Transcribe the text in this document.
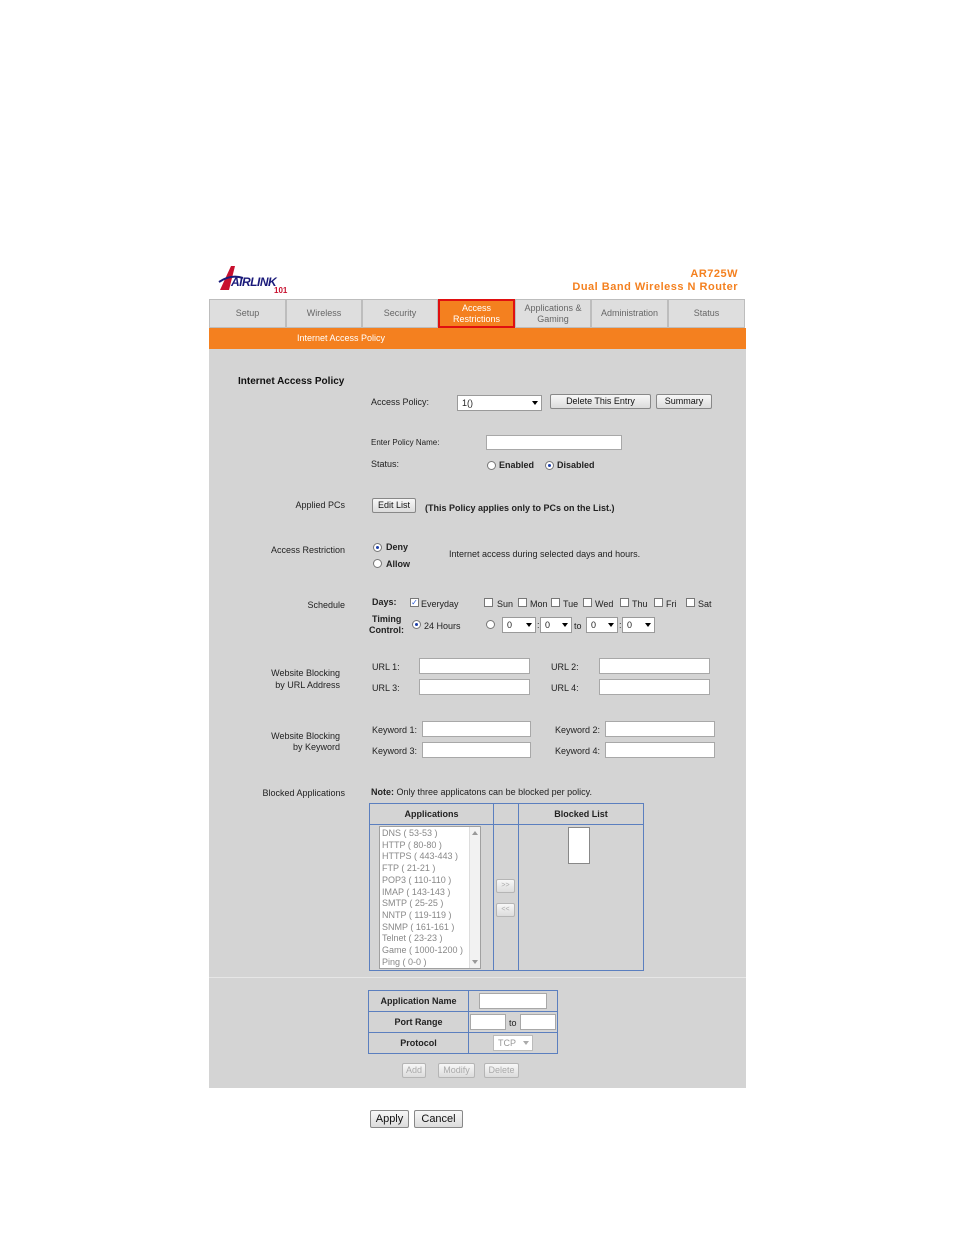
AIRLINK
101
AR725W
Dual Band Wireless N Router
Setup	Wireless	Security
Access Restrictions
Applications & Gaming
Administration	Status
Internet Access Policy
Internet Access Policy
Access Policy:	1()	Delete This Entry	Summary
Enter Policy Name:
Status:	Enabled	Disabled
Applied PCs	Edit List	(This Policy applies only to PCs on the List.)
Access Restriction	Deny
Allow
Internet access during selected days and hours.
Schedule	Days: ✓ Everyday	Sun Mon Tue Wed Thu Fri Sat
Timing
Control: 24 Hours	0	: 0	to	0	: 0
Website Blocking
by URL Address
URL 1:	URL 2:
URL 3:	URL 4:
Website Blocking
by Keyword
Keyword 1:	Keyword 2:
Keyword 3:	Keyword 4:
Blocked Applications	Note: Only three applicatons can be blocked per policy.
Applications	Blocked List
DNS ( 53-53 )
HTTP ( 80-80 )
HTTPS ( 443-443 )
FTP ( 21-21 )
POP3 ( 110-110 )
IMAP ( 143-143 )
SMTP ( 25-25 )
NNTP ( 119-119 )
SNMP ( 161-161 )
Telnet ( 23-23 )
Game ( 1000-1200 )
Ping ( 0-0 )
>>
<<
Application Name
Port Range	to
Protocol	TCP
Add	Modify	Delete
Apply	Cancel
